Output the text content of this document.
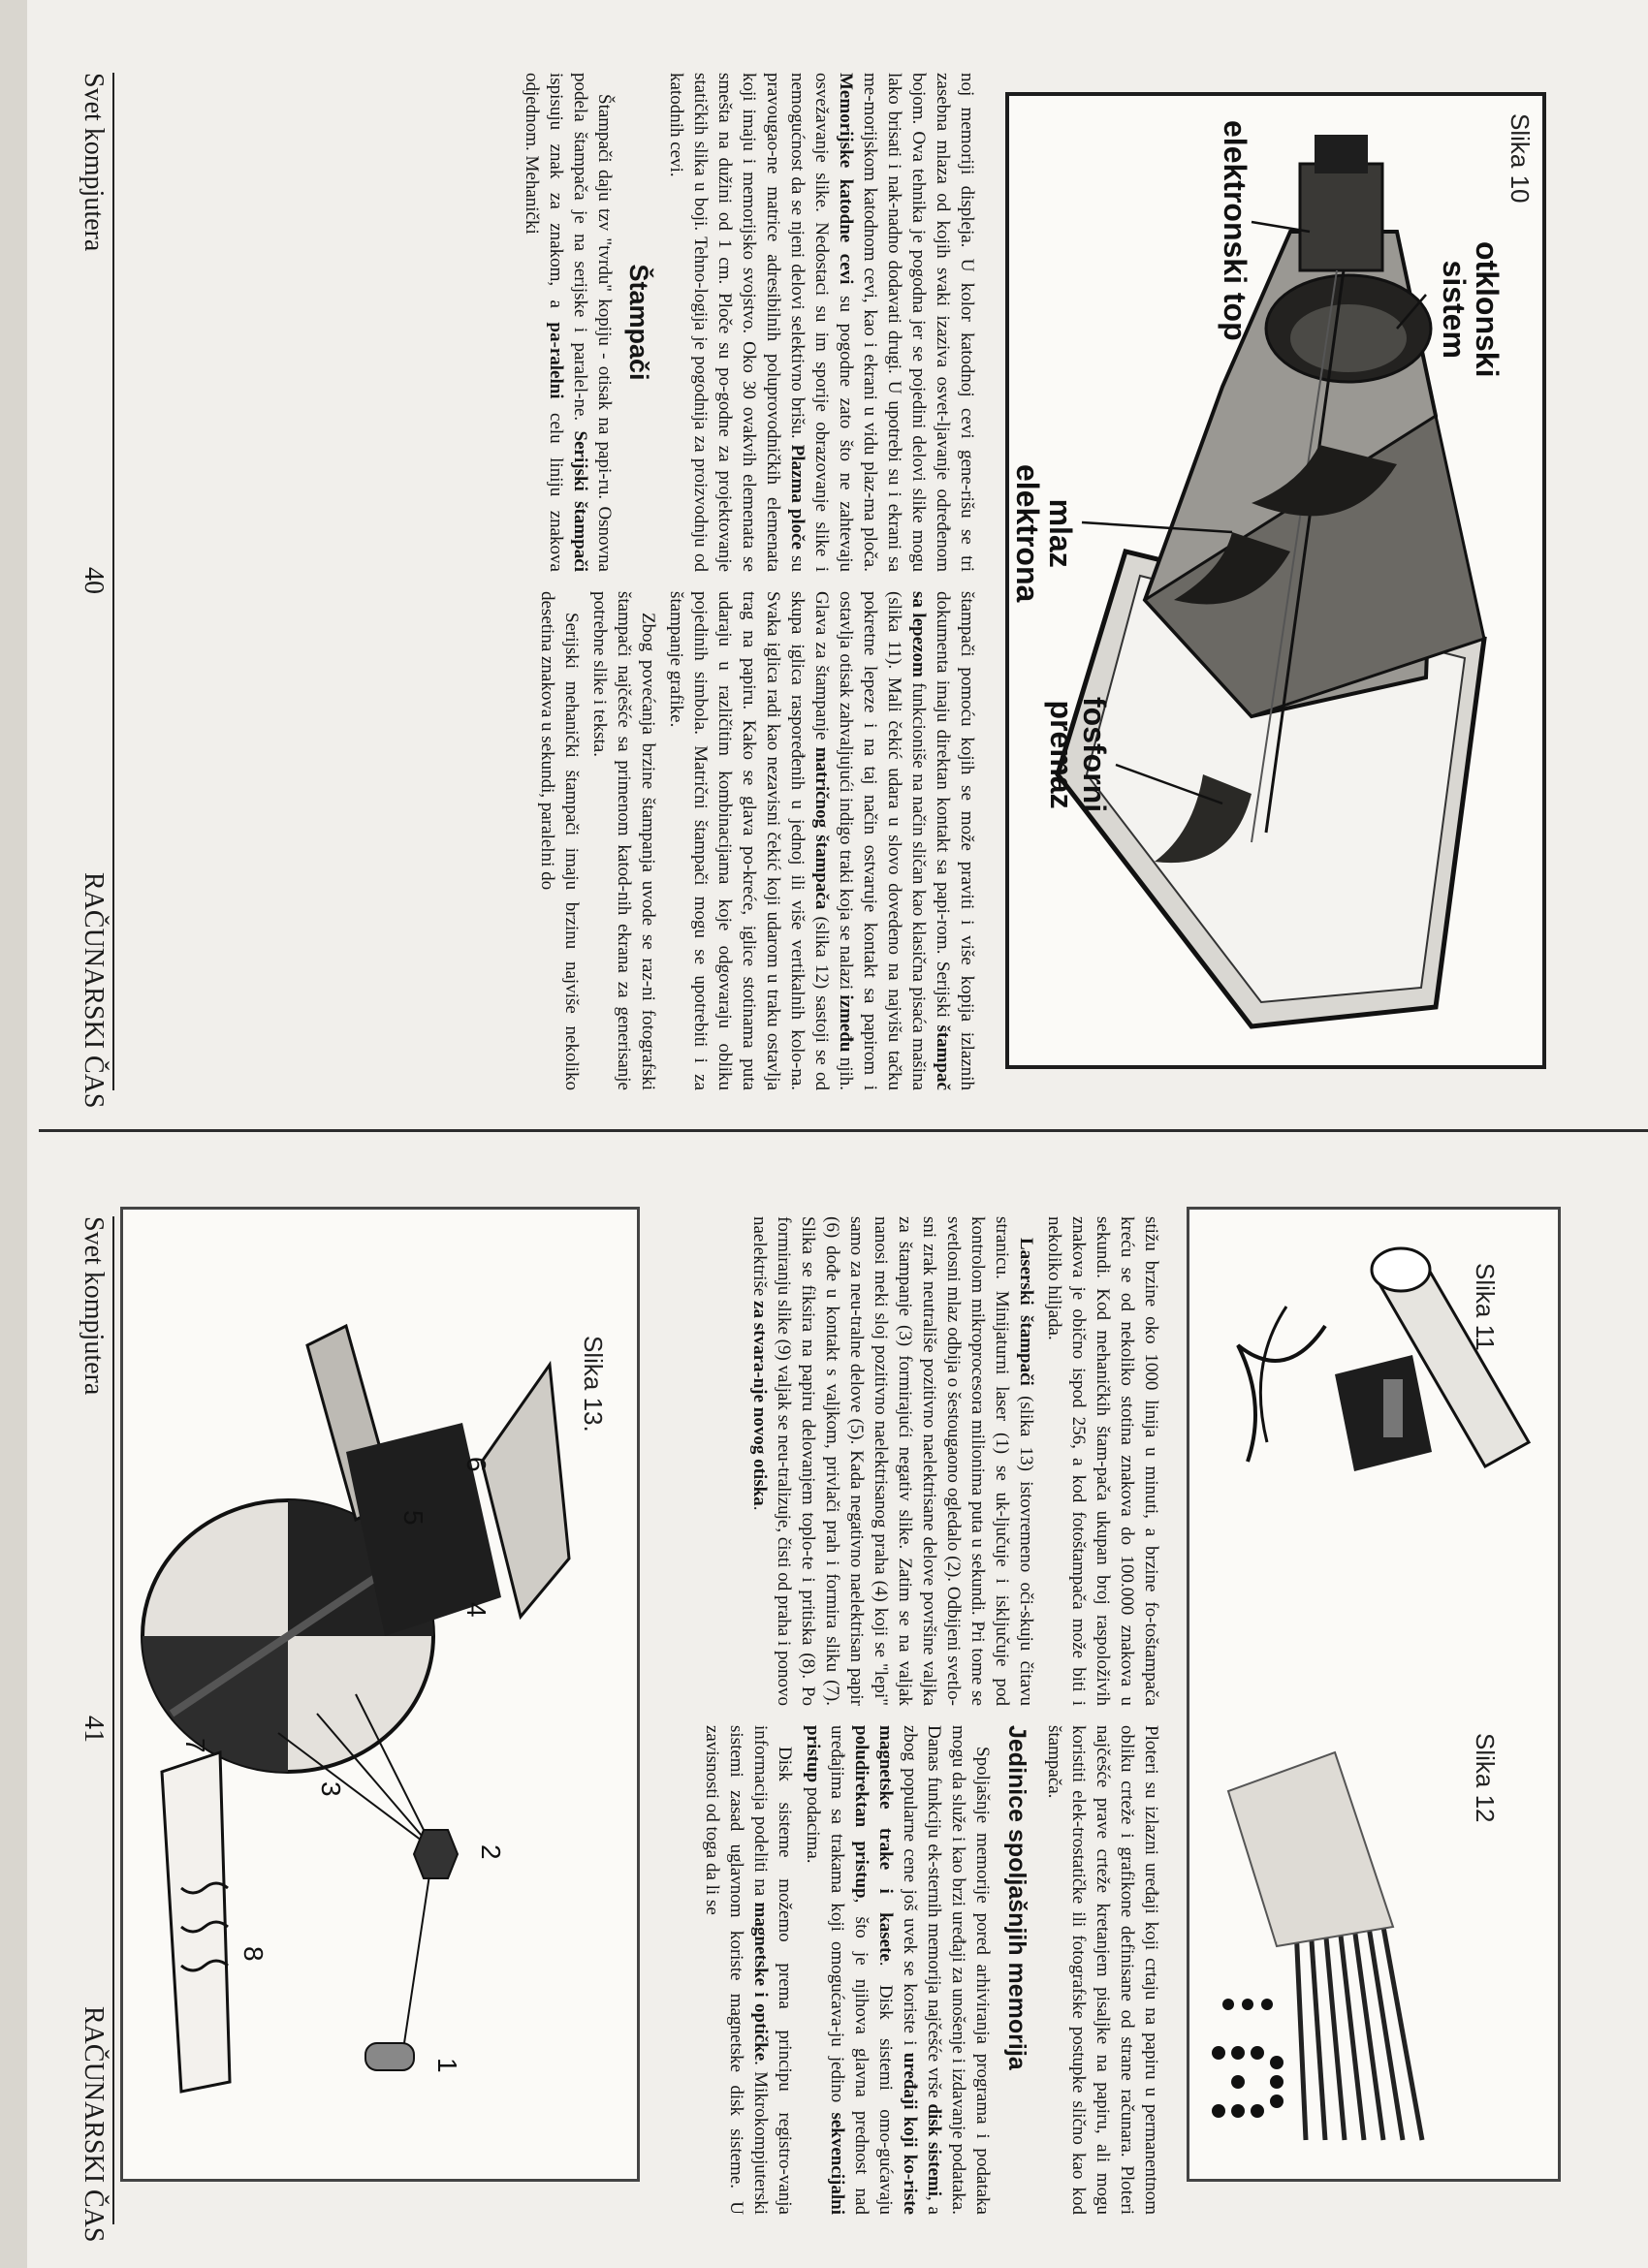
Slika 10
otklonski
sistem
elektronski top
mlaz
elektrona
fosforni
premaz

noj memoriji displeja. U kolor katodnoj cevi gene-rišu se tri zasebna mlaza od kojih svaki izaziva osvet-ljavanje određenom bojom. Ova tehnika je pogodna jer se pojedini delovi slike mogu lako brisati i nak-nadno dodavati drugi. U upotrebi su i ekrani sa me-morijskom katodnom cevi, kao i ekrani u vidu plaz-ma ploča. Memorijske katodne cevi su pogodne zato što ne zahtevaju osvežavanje slike. Nedostaci su im sporije obrazovanje slike i nemogućnost da se njeni delovi selektivno brišu. Plazma ploče su pravougao-ne matrice adresibilnih poluprovodničkih elemenata koji imaju i memorijsko svojstvo. Oko 30 ovakvih elemenata se smešta na dužini od 1 cm. Ploče su po-godne za projektovanje statičkih slika u boji. Tehno-logija je pogodnija za proizvodnju od katodnih cevi.

Štampači

Štampači daju tzv "tvrdu" kopiju - otisak na papi-ru. Osnovna podela štampača je na serijske i paralel-ne. Serijski štampači ispisuju znak za znakom, a pa-ralelni celu liniju znakova odjednom. Mehanički

štampači pomoću kojih se može praviti i više kopija izlaznih dokumenta imaju direktan kontakt sa papi-rom. Serijski štampač sa lepezom funkcioniše na način sličan kao klasična pisaća mašina (slika 11). Mali čekić udara u slovo dovedeno na najvišu tačku pokretne lepeze i na taj način ostvaruje kontakt sa papirom i ostavlja otisak zahvaljujući indigo traki koja se nalazi između njih. Glava za štampanje matričnog štampača (slika 12) sastoji se od skupa iglica raspoređenih u jednoj ili više vertikalnih kolo-na. Svaka iglica radi kao nezavisni čekić koji udarom u traku ostavlja trag na papiru. Kako se glava po-kreće, iglice stotinama puta udaraju u različitim kombinacijama koje odgovaraju obliku pojedinih simbola. Matrični štampači mogu se upotrebiti i za štampanje grafike.

Zbog povećanja brzine štampanja uvode se raz-ni fotografski štampači najčešće sa primenom katod-nih ekrana za generisanje potrebne slike i teksta.

Serijski mehanički štampači imaju brzinu najviše nekoliko desetina znakova u sekundi, paralelni do

Svet kompjutera
40
RAČUNARSKI ČAS
Slika 11
Slika 12

stižu brzine oko 1000 linija u minuti, a brzine fo-toštampača kreću se od nekoliko stotina znakova do 100.000 znakova u sekundi. Kod mehaničkih štam-pača ukupan broj raspoloživih znakova je obično ispod 256, a kod fotoštampača može biti i nekoliko hiljada.

Laserski štampači (slika 13) istovremeno oči-skuju čitavu stranicu. Minijaturni laser (1) se uk-ljučuje i isključuje pod kontrolom mikroprocesora milionima puta u sekundi. Pri tome se svetlosni mlaz odbija o šestougaono ogledalo (2). Odbijeni svetlo-sni zrak neutrališe pozitivno naelektrisane delove površine valjka za štampanje (3) formirajući negativ slike. Zatim se na valjak nanosi meki sloj pozitivno naelektrisanog praha (4) koji se "lepi" samo za neu-tralne delove (5). Kada negativno naelektrisan papir (6) dođe u kontakt s valjkom, privlači prah i formira sliku (7). Slika se fiksira na papiru delovanjem toplo-te i pritiska (8). Po formiranju slike (9) valjak se neu-tralizuje, čisti od praha i ponovo naelektriše za stvara-nje novog otiska.

Ploteri su izlazni uređaji koji crtaju na papiru u permanentnom obliku crteže i grafikone definisane od strane računara. Ploteri najčešće prave crteže kretanjem pisaljke na papiru, ali mogu koristiti elek-trostatičke ili fotografske postupke slično kao kod štampača.

Jedinice spoljašnjih memorija

Spoljašnje memorije pored arhiviranja programa i podataka mogu da služe i kao brzi uređaji za unošenje i izdavanje podataka. Danas funkciju ek-sternih memorija najčešće vrše disk sistemi, a zbog popularne cene još uvek se koriste i uređaji koji ko-riste magnetske trake i kasete. Disk sistemi omo-gućavaju poludirektan pristup, što je njihova glavna prednost nad uređajima sa trakama koji omogućava-ju jedino sekvencijalni pristup podacima.

Disk sisteme možemo prema principu registro-vanja informacija podeliti na magnetske i optičke. Mikrokompjuterski sistemi zasad uglavnom koriste magnetske disk sisteme. U zavisnosti od toga da li se

Slika 13.
1
2
3
4
5
6
7
8
Svet kompjutera
41
RAČUNARSKI ČAS
